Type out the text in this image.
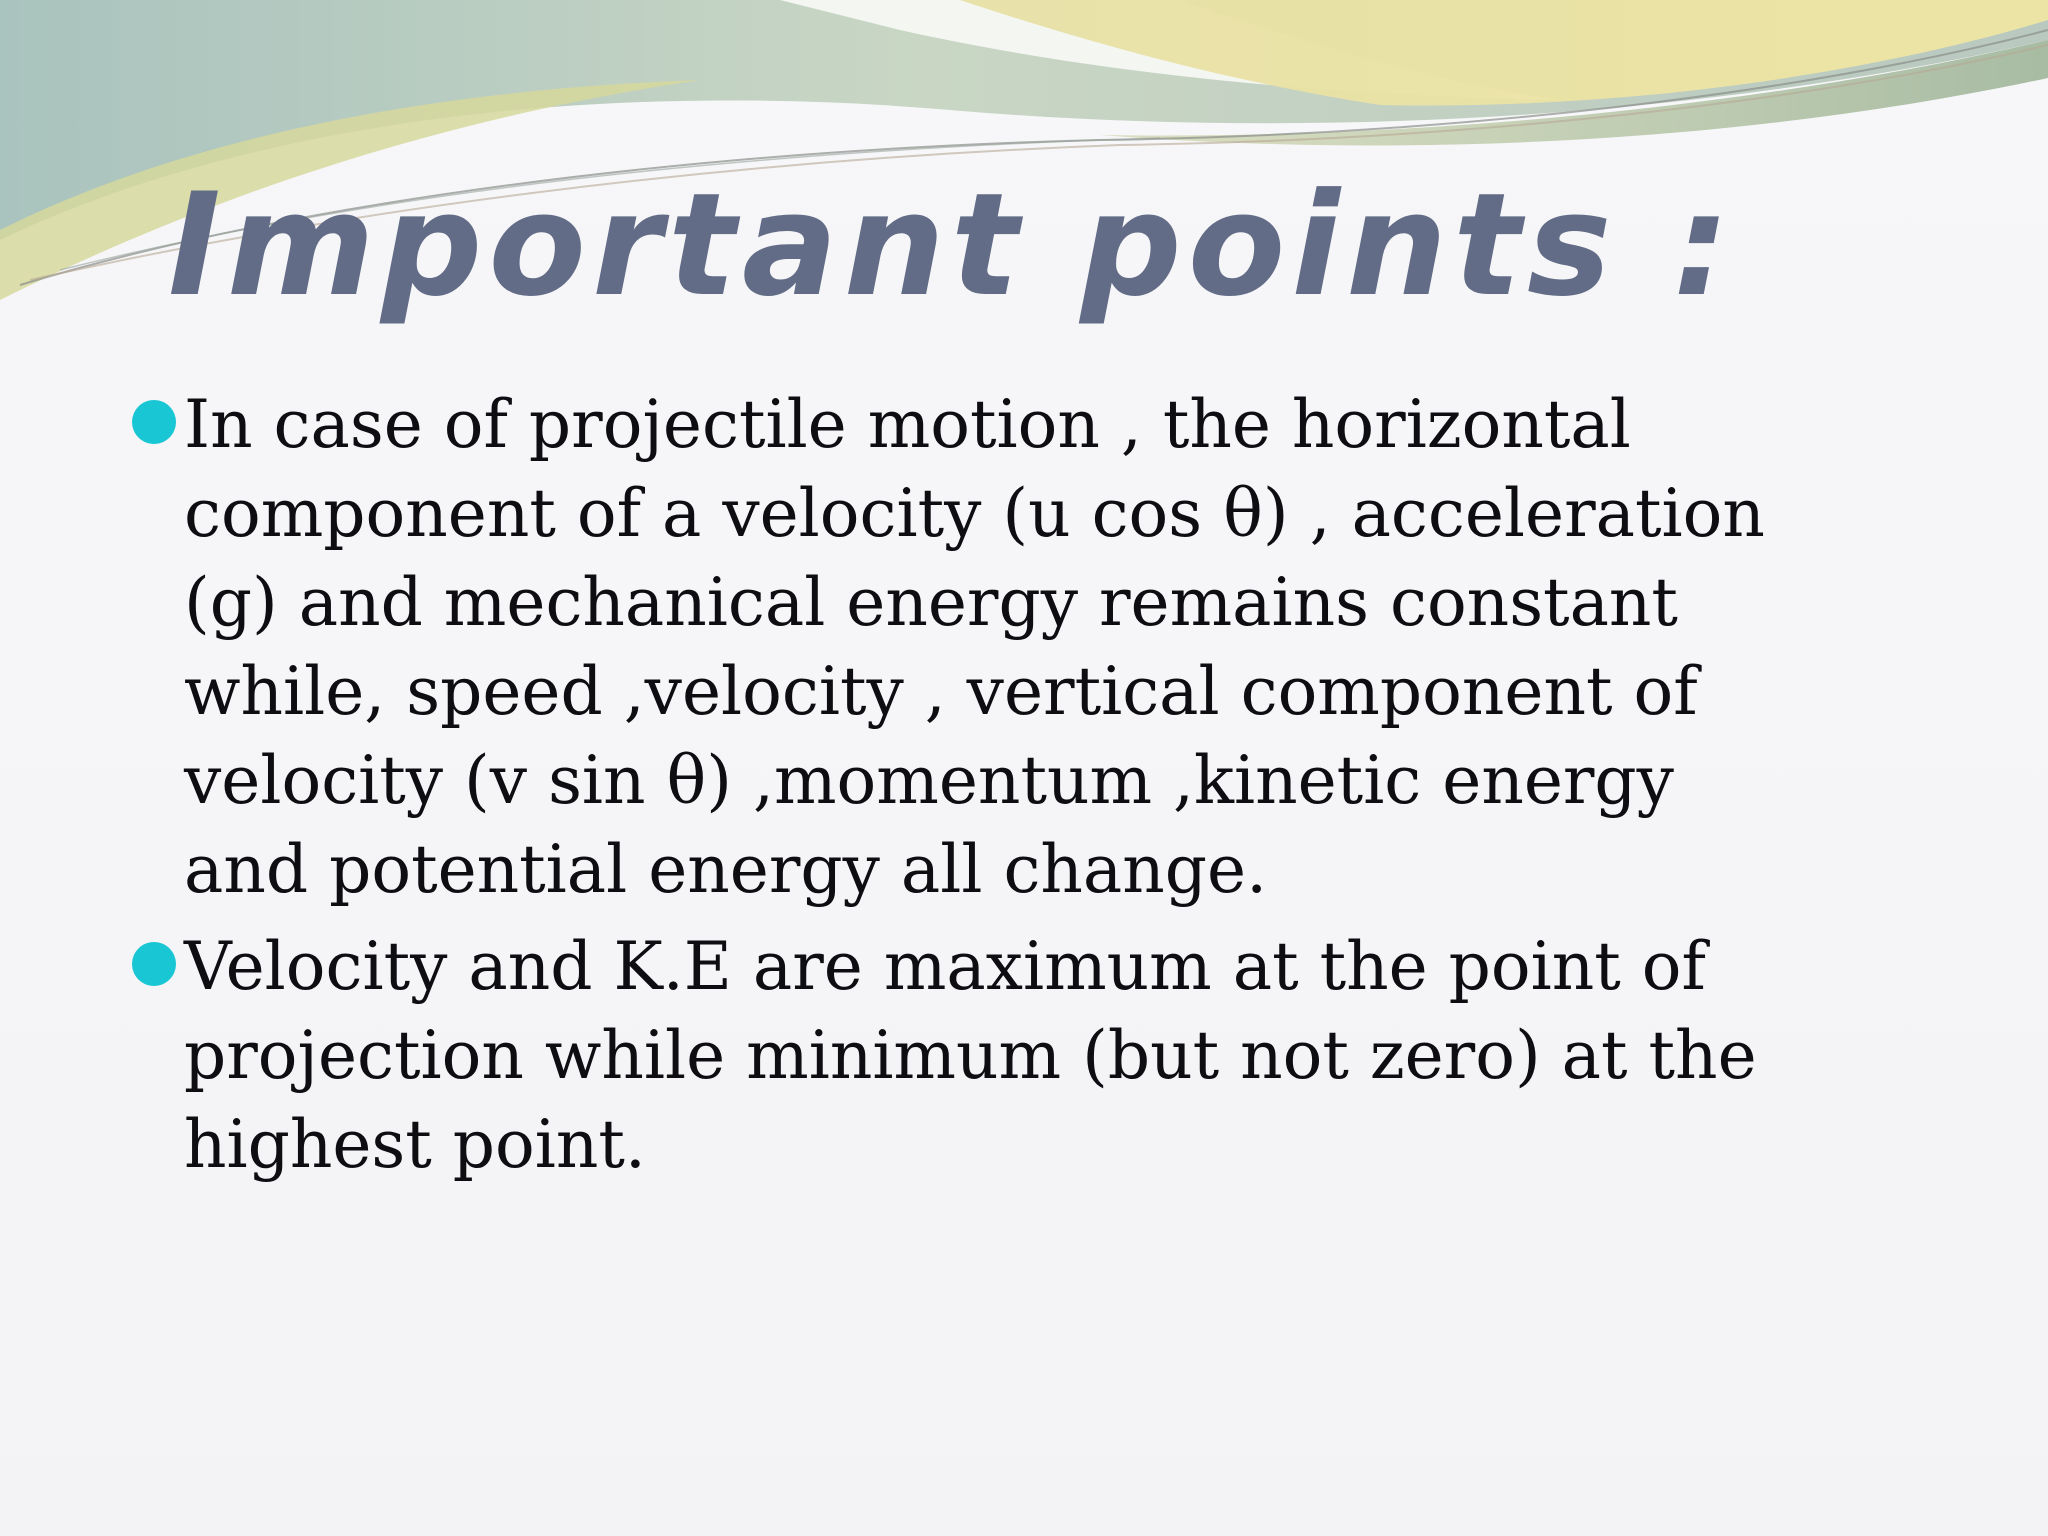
Important points :
In case of projectile motion , the horizontal component of a velocity (u cos θ) , acceleration (g) and mechanical energy remains constant while, speed ,velocity , vertical component of velocity (v sin θ) ,momentum ,kinetic energy and potential energy all change.
Velocity and K.E are maximum at the point of projection while minimum (but not zero) at the highest point.
